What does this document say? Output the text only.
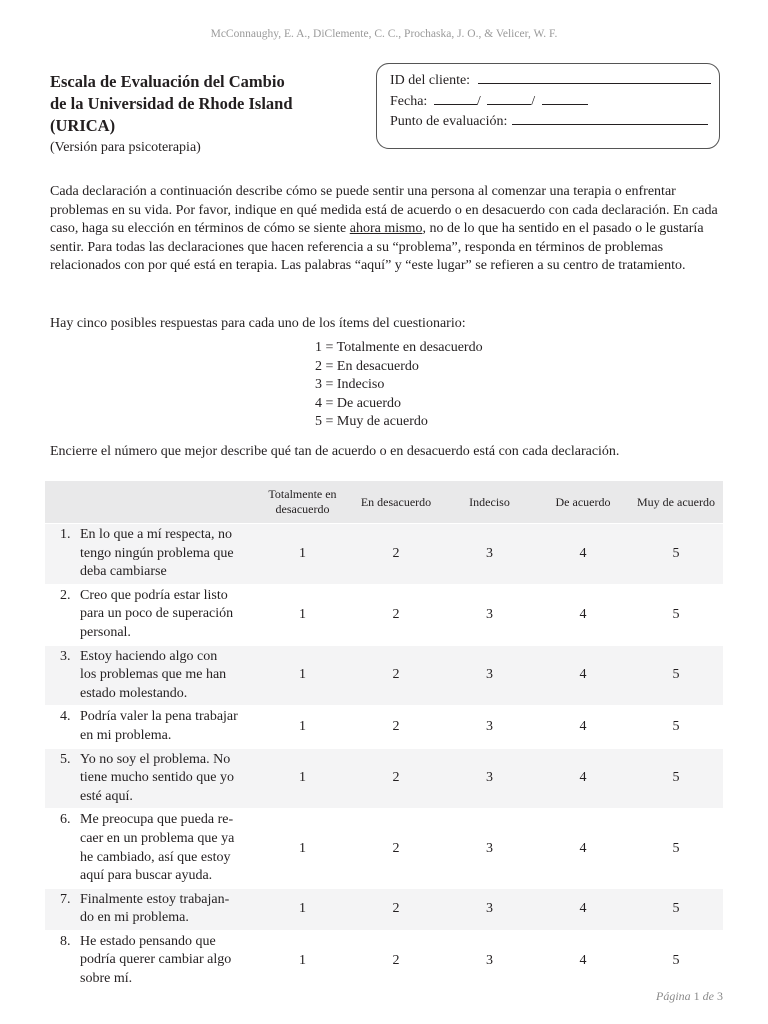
McConnaughy, E. A., DiClemente, C. C., Prochaska, J. O., & Velicer, W. F.
Escala de Evaluación del Cambio
de la Universidad de Rhode Island
(URICA)
(Versión para psicoterapia)
ID del cliente:
Fecha:	/	/
Punto de evaluación:

Cada declaración a continuación describe cómo se puede sentir una persona al comenzar una terapia o enfrentar problemas en su vida. Por favor, indique en qué medida está de acuerdo o en desacuerdo con cada declaración. En cada caso, haga su elección en términos de cómo se siente ahora mismo, no de lo que ha sentido en el pasado o le gustaría sentir. Para todas las declaraciones que hacen referencia a su “problema”, responda en términos de problemas relacionados con por qué está en terapia. Las palabras “aquí” y “este lugar” se refieren a su centro de tratamiento.

Hay cinco posibles respuestas para cada uno de los ítems del cuestionario:
1 = Totalmente en desacuerdo
2 = En desacuerdo
3 = Indeciso
4 = De acuerdo
5 = Muy de acuerdo
Encierre el número que mejor describe qué tan de acuerdo o en desacuerdo está con cada declaración.
	Totalmente en desacuerdo	En desacuerdo	Indeciso	De acuerdo	Muy de acuerdo

1. En lo que a mí respecta, no
tengo ningún problema que
deba cambiarse	1	2	3	4	5

2. Creo que podría estar listo
para un poco de superación
personal.	1	2	3	4	5

3. Estoy haciendo algo con
los problemas que me han
estado molestando.	1	2	3	4	5

4. Podría valer la pena trabajar
en mi problema.	1	2	3	4	5

5. Yo no soy el problema. No
tiene mucho sentido que yo
esté aquí.	1	2	3	4	5

6. Me preocupa que pueda re-
caer en un problema que ya
he cambiado, así que estoy
aquí para buscar ayuda.	1	2	3	4	5

7. Finalmente estoy trabajan-
do en mi problema.	1	2	3	4	5

8. He estado pensando que
podría querer cambiar algo
sobre mí.	1	2	3	4	5
Página 1 de 3
